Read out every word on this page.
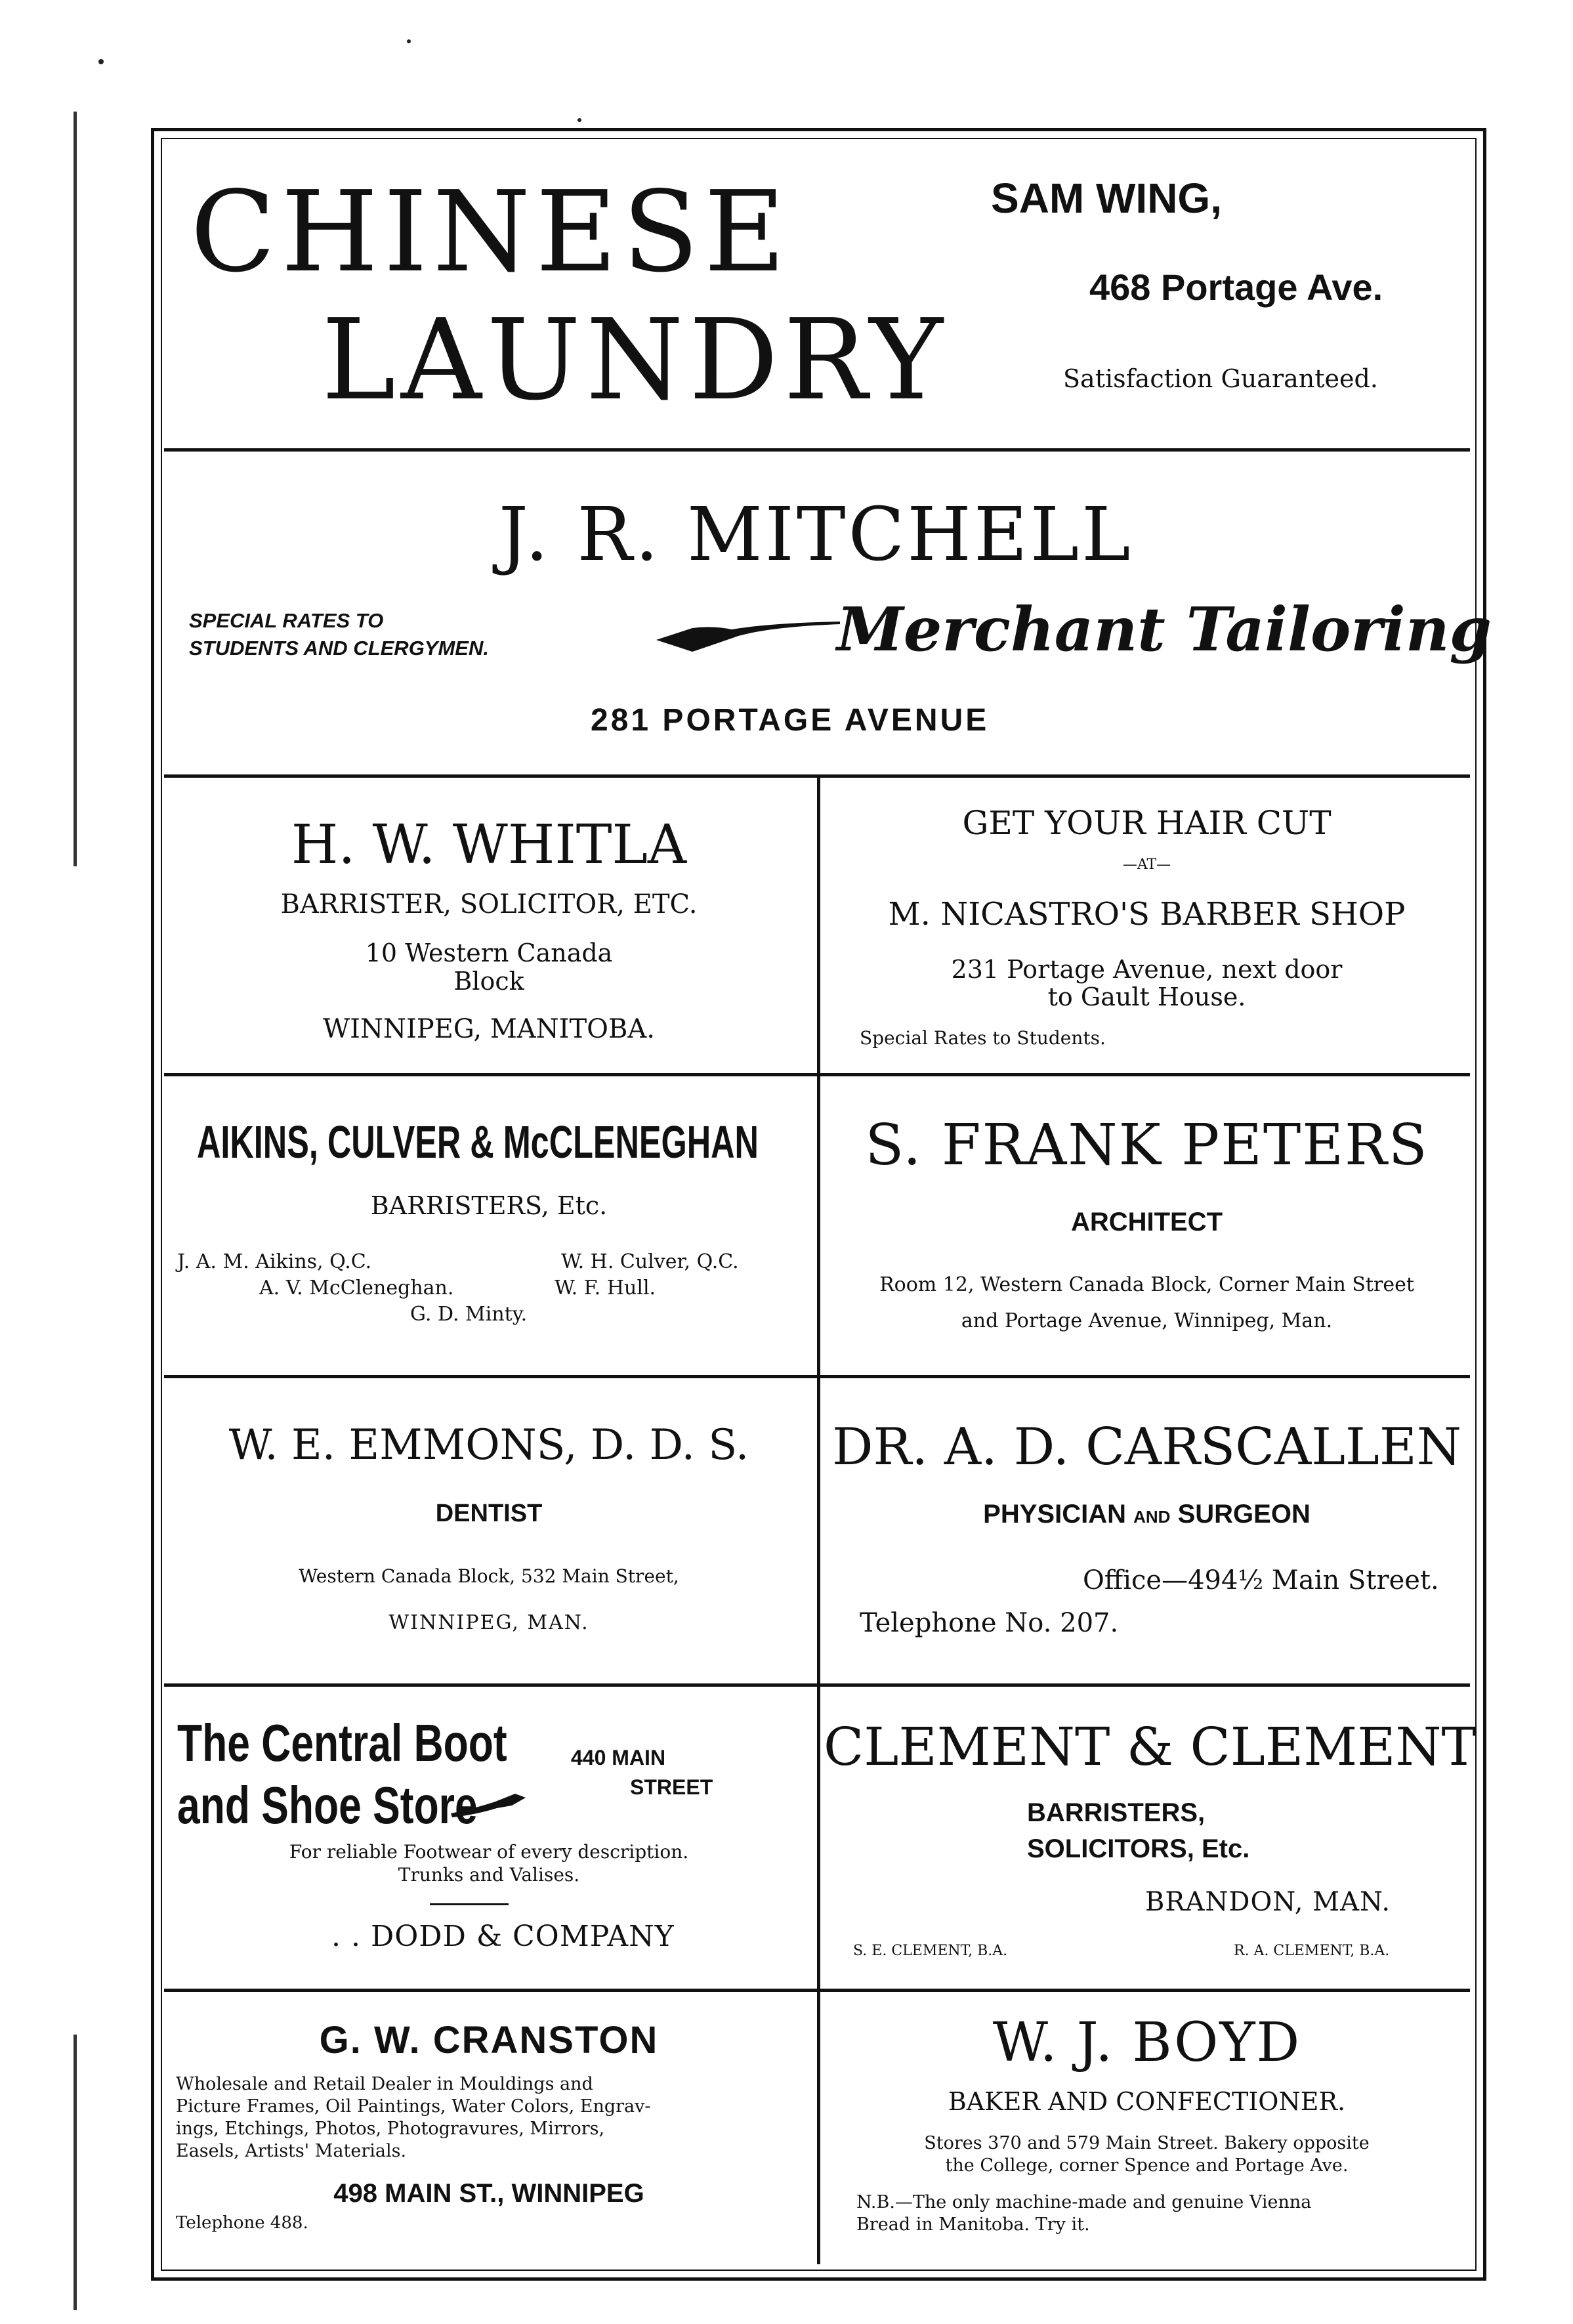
CHINESE
LAUNDRY
SAM WING,
468 Portage Ave.
Satisfaction Guaranteed.
J. R. MITCHELL
SPECIAL RATES TO
STUDENTS AND CLERGYMEN.	Merchant Tailoring
281 PORTAGE AVENUE
H. W. WHITLA
BARRISTER, SOLICITOR, ETC.
10 Western Canada
Block
WINNIPEG, MANITOBA.
GET YOUR HAIR CUT
—AT—
M. NICASTRO'S BARBER SHOP
231 Portage Avenue, next door
to Gault House.
Special Rates to Students.
AIKINS, CULVER & McCLENEGHAN
BARRISTERS, Etc.
J. A. M. Aikins, Q.C.	W. H. Culver, Q.C.
A. V. McCleneghan.	W. F. Hull.
G. D. Minty.
S. FRANK PETERS
ARCHITECT
Room 12, Western Canada Block, Corner Main Street
and Portage Avenue, Winnipeg, Man.
W. E. EMMONS, D. D. S.
DENTIST
Western Canada Block, 532 Main Street,
WINNIPEG, MAN.
DR. A. D. CARSCALLEN
PHYSICIAN AND SURGEON
Office—494½ Main Street.
Telephone No. 207.
The Central Boot
and Shoe Store
440 MAIN
STREET
For reliable Footwear of every description.
Trunks and Valises.
. . DODD & COMPANY
CLEMENT & CLEMENT
BARRISTERS,
SOLICITORS, Etc.
BRANDON, MAN.
S. E. CLEMENT, B.A.	R. A. CLEMENT, B.A.
G. W. CRANSTON
Wholesale and Retail Dealer in Mouldings and
Picture Frames, Oil Paintings, Water Colors, Engrav-
ings, Etchings, Photos, Photogravures, Mirrors,
Easels, Artists' Materials.
498 MAIN ST., WINNIPEG
Telephone 488.
W. J. BOYD
BAKER AND CONFECTIONER.
Stores 370 and 579 Main Street. Bakery opposite
the College, corner Spence and Portage Ave.
N.B.—The only machine-made and genuine Vienna
Bread in Manitoba. Try it.
